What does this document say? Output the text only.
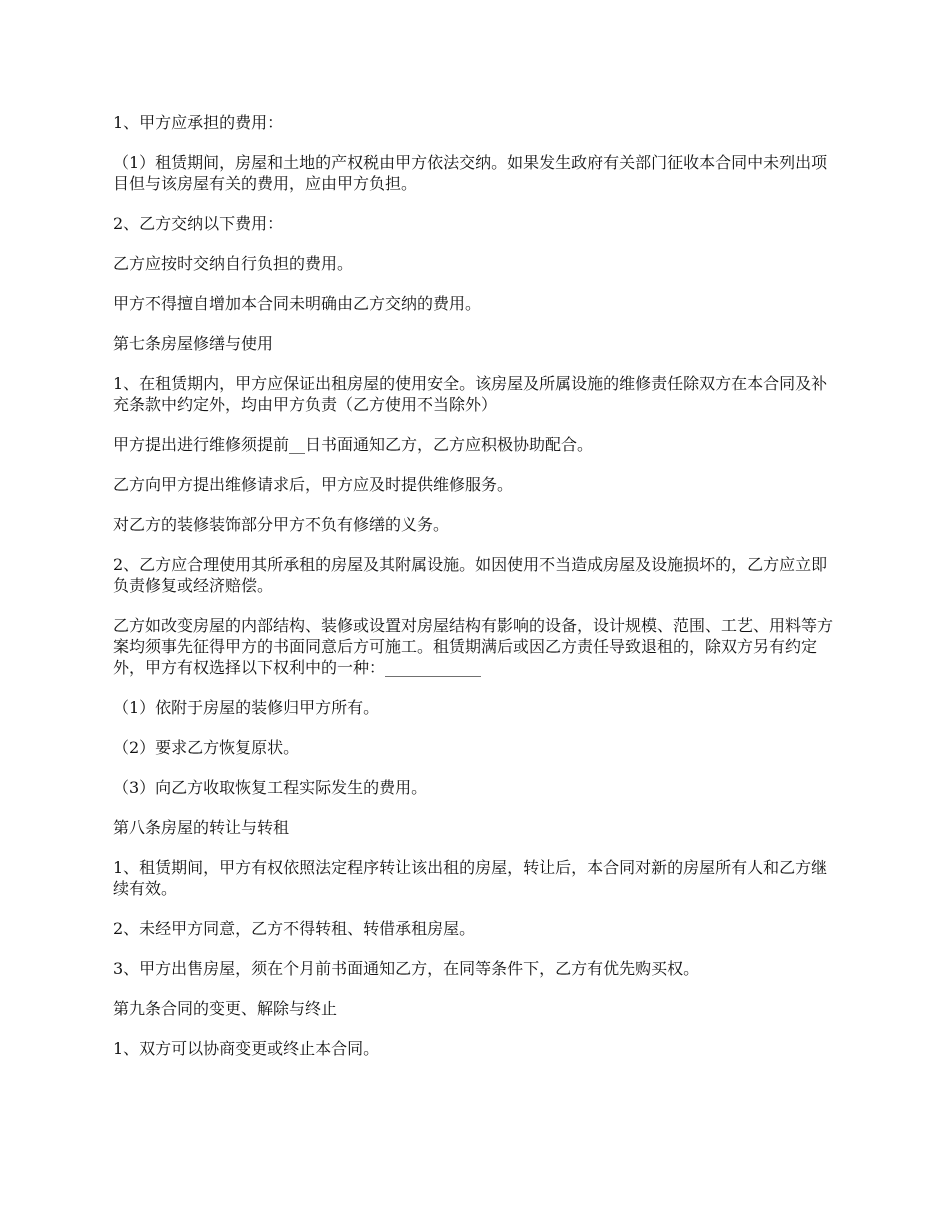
1、甲方应承担的费用：

（1）租赁期间，房屋和土地的产权税由甲方依法交纳。如果发生政府有关部门征收本合同中未列出项目但与该房屋有关的费用，应由甲方负担。

2、乙方交纳以下费用：

乙方应按时交纳自行负担的费用。

甲方不得擅自增加本合同未明确由乙方交纳的费用。

第七条房屋修缮与使用

1、在租赁期内，甲方应保证出租房屋的使用安全。该房屋及所属设施的维修责任除双方在本合同及补充条款中约定外，均由甲方负责（乙方使用不当除外）

甲方提出进行维修须提前__日书面通知乙方，乙方应积极协助配合。

乙方向甲方提出维修请求后，甲方应及时提供维修服务。

对乙方的装修装饰部分甲方不负有修缮的义务。

2、乙方应合理使用其所承租的房屋及其附属设施。如因使用不当造成房屋及设施损坏的，乙方应立即负责修复或经济赔偿。

乙方如改变房屋的内部结构、装修或设置对房屋结构有影响的设备，设计规模、范围、工艺、用料等方案均须事先征得甲方的书面同意后方可施工。租赁期满后或因乙方责任导致退租的，除双方另有约定外，甲方有权选择以下权利中的一种：____________

（1）依附于房屋的装修归甲方所有。

（2）要求乙方恢复原状。

（3）向乙方收取恢复工程实际发生的费用。

第八条房屋的转让与转租

1、租赁期间，甲方有权依照法定程序转让该出租的房屋，转让后，本合同对新的房屋所有人和乙方继续有效。

2、未经甲方同意，乙方不得转租、转借承租房屋。

3、甲方出售房屋，须在个月前书面通知乙方，在同等条件下，乙方有优先购买权。

第九条合同的变更、解除与终止

1、双方可以协商变更或终止本合同。
